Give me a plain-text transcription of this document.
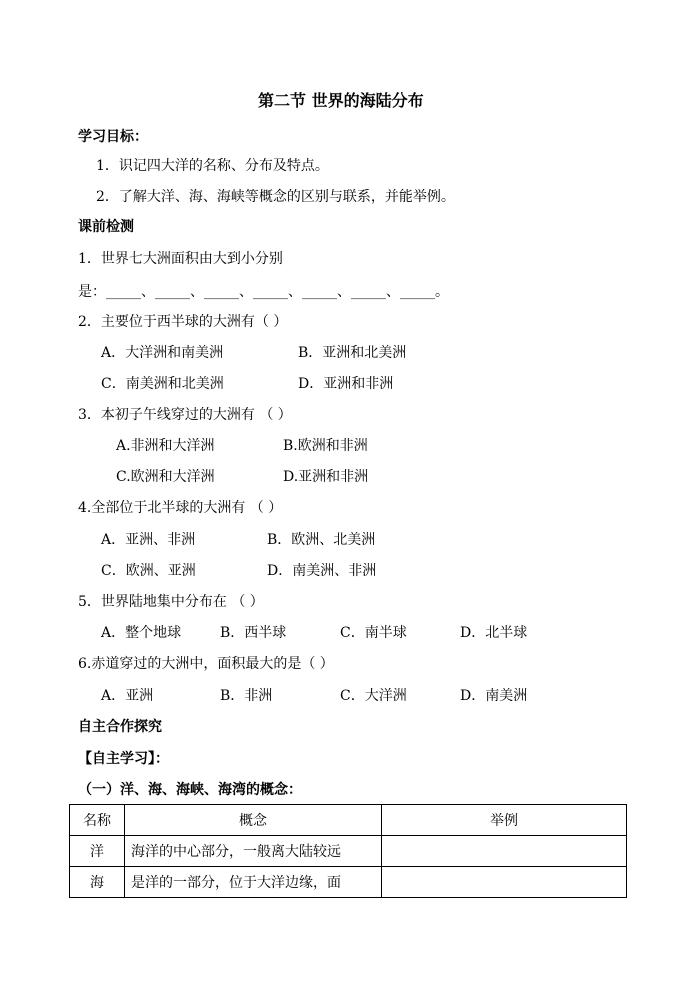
第二节 世界的海陆分布
学习目标：
1．识记四大洋的名称、分布及特点。
2．了解大洋、海、海峡等概念的区别与联系，并能举例。
课前检测
1．世界七大洲面积由大到小分别
是：_____、_____、_____、_____、_____、_____、_____。
2．主要位于西半球的大洲有（ ）
A．大洋洲和南美洲	B．亚洲和北美洲
C．南美洲和北美洲	D．亚洲和非洲
3．本初子午线穿过的大洲有 （ ）
A.非洲和大洋洲	B.欧洲和非洲
C.欧洲和大洋洲	D.亚洲和非洲
4.全部位于北半球的大洲有 （ ）
A．亚洲、非洲	B．欧洲、北美洲
C．欧洲、亚洲	D．南美洲、非洲
5．世界陆地集中分布在 （ ）
A．整个地球	B．西半球	C．南半球	D．北半球
6.赤道穿过的大洲中，面积最大的是（ ）
A．亚洲	B．非洲	C．大洋洲	D．南美洲
自主合作探究
【自主学习】：
（一）洋、海、海峡、海湾的概念：
名称	概念	举例
洋	海洋的中心部分，一般离大陆较远	
海	是洋的一部分，位于大洋边缘，面	
